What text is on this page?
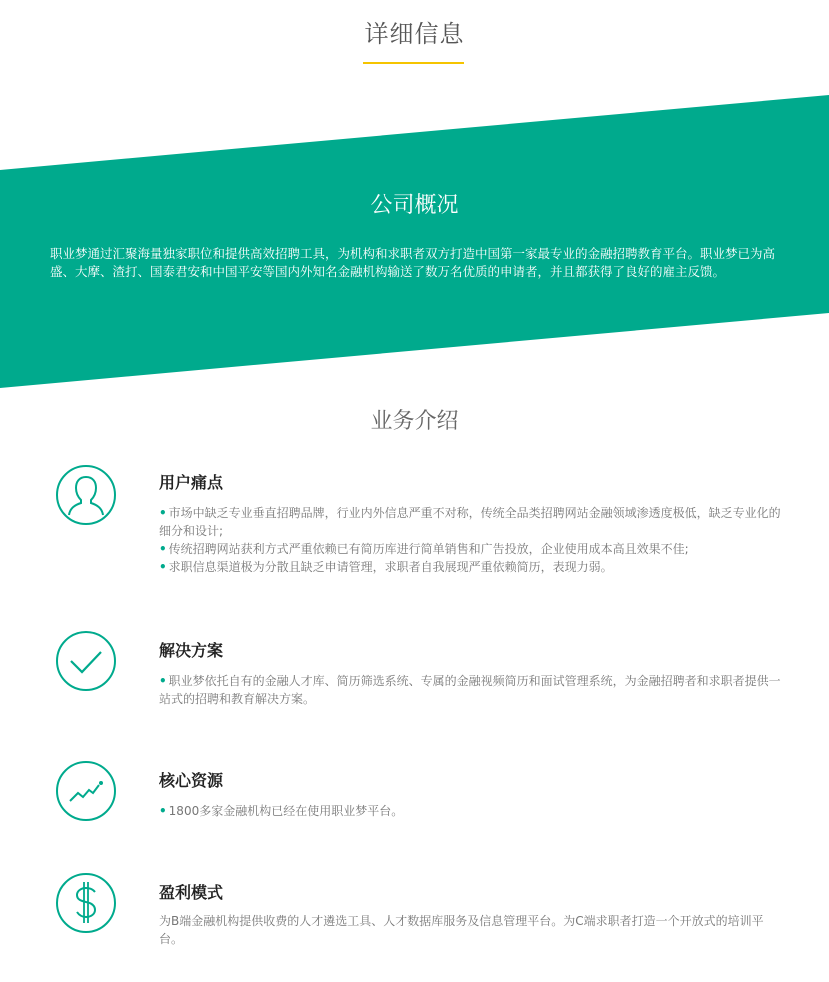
详细信息
公司概况
职业梦通过汇聚海量独家职位和提供高效招聘工具，为机构和求职者双方打造中国第一家最专业的金融招聘教育平台。职业梦已为高盛、大摩、渣打、国泰君安和中国平安等国内外知名金融机构输送了数万名优质的申请者，并且都获得了良好的雇主反馈。
业务介绍
用户痛点

• 市场中缺乏专业垂直招聘品牌，行业内外信息严重不对称，传统全品类招聘网站金融领域渗透度极低，缺乏专业化的细分和设计;

• 传统招聘网站获利方式严重依赖已有简历库进行简单销售和广告投放，企业使用成本高且效果不佳;

• 求职信息渠道极为分散且缺乏申请管理，求职者自我展现严重依赖简历，表现力弱。

解决方案

• 职业梦依托自有的金融人才库、简历筛选系统、专属的金融视频简历和面试管理系统，为金融招聘者和求职者提供一站式的招聘和教育解决方案。

核心资源

• 1800多家金融机构已经在使用职业梦平台。

盈利模式

为B端金融机构提供收费的人才遴选工具、人才数据库服务及信息管理平台。为C端求职者打造一个开放式的培训平台。
